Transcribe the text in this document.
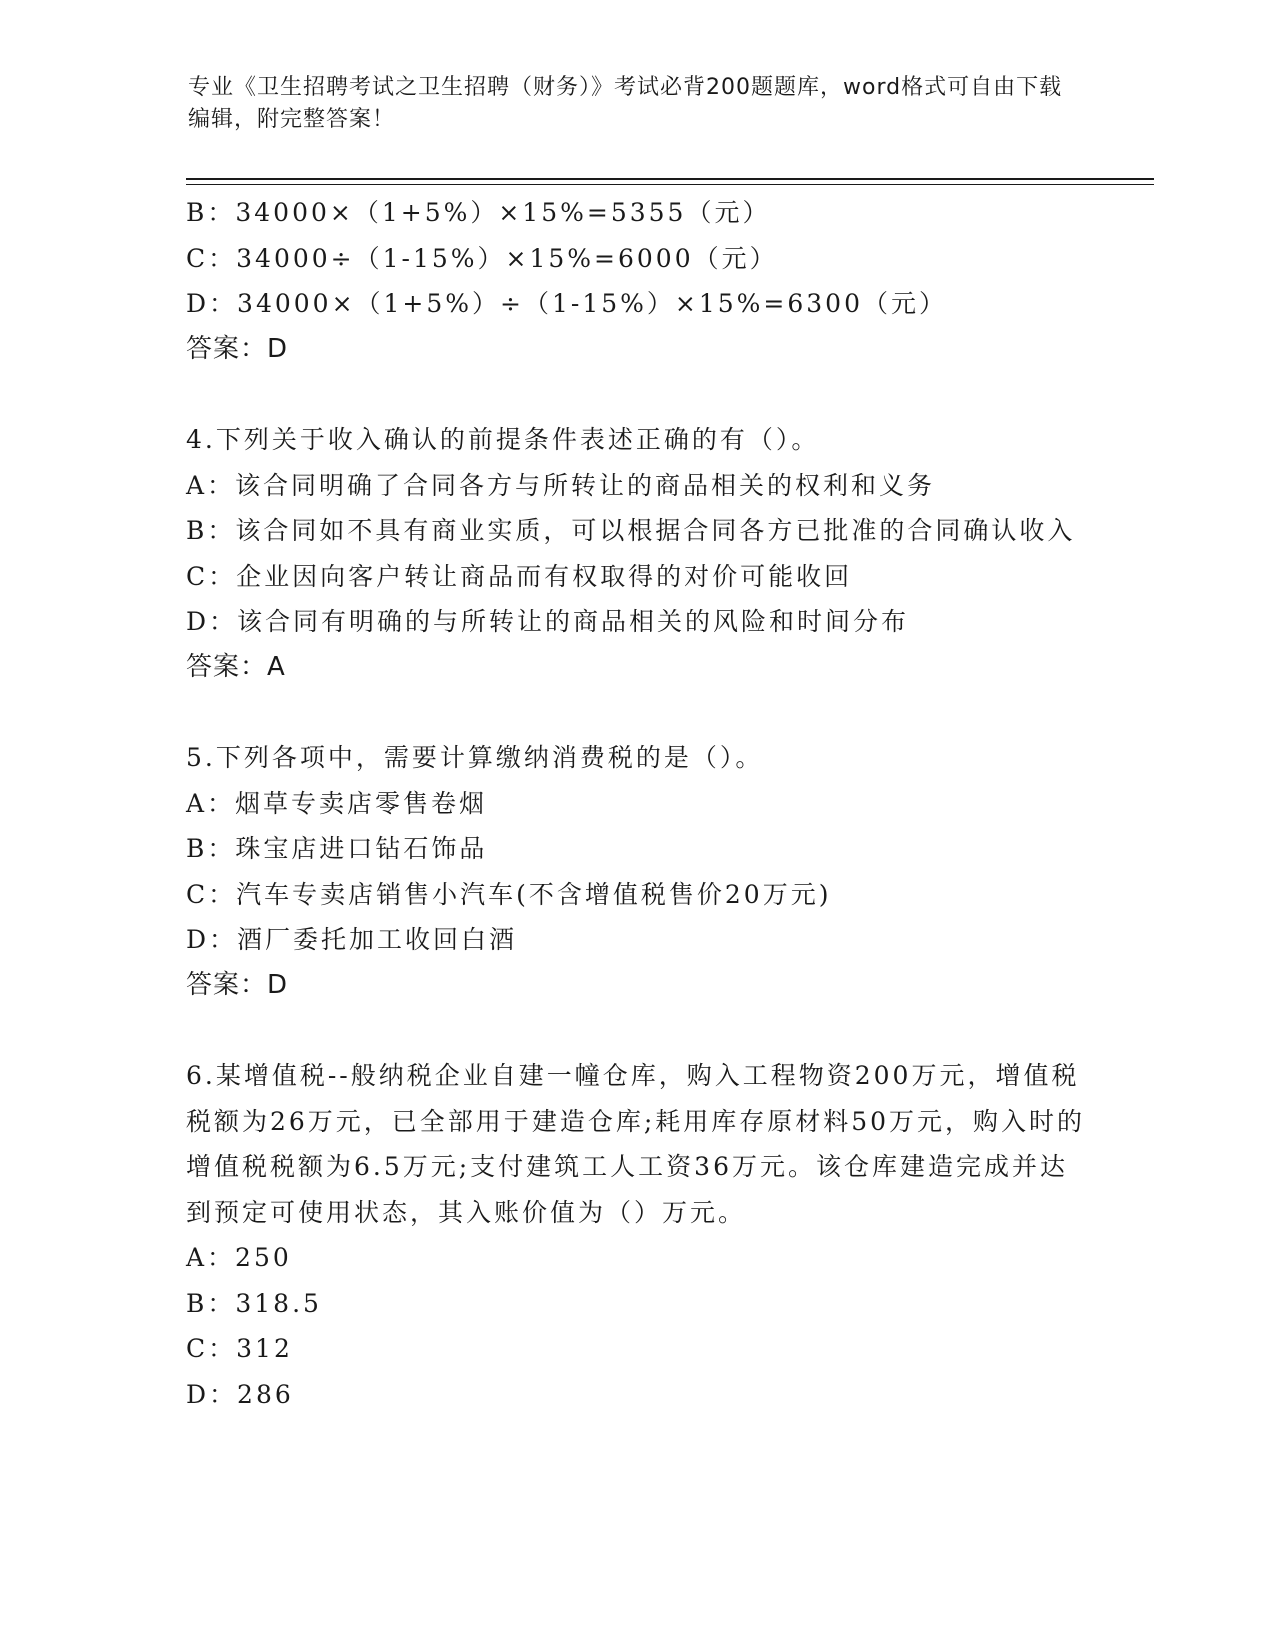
专业《卫生招聘考试之卫生招聘（财务）》考试必背200题题库，word格式可自由下载编辑，附完整答案！
B：34000×（1+5%）×15%=5355（元）
C：34000÷（1-15%）×15%=6000（元）
D：34000×（1+5%）÷（1-15%）×15%=6300（元）
答案：D
4.下列关于收入确认的前提条件表述正确的有（）。
A：该合同明确了合同各方与所转让的商品相关的权利和义务
B：该合同如不具有商业实质，可以根据合同各方已批准的合同确认收入
C：企业因向客户转让商品而有权取得的对价可能收回
D：该合同有明确的与所转让的商品相关的风险和时间分布
答案：A
5.下列各项中，需要计算缴纳消费税的是（）。
A：烟草专卖店零售卷烟
B：珠宝店进口钻石饰品
C：汽车专卖店销售小汽车(不含增值税售价20万元)
D：酒厂委托加工收回白酒
答案：D
6.某增值税--般纳税企业自建一幢仓库，购入工程物资200万元，增值税税额为26万元，已全部用于建造仓库;耗用库存原材料50万元，购入时的增值税税额为6.5万元;支付建筑工人工资36万元。该仓库建造完成并达到预定可使用状态，其入账价值为（）万元。
A：250
B：318.5
C：312
D：286
